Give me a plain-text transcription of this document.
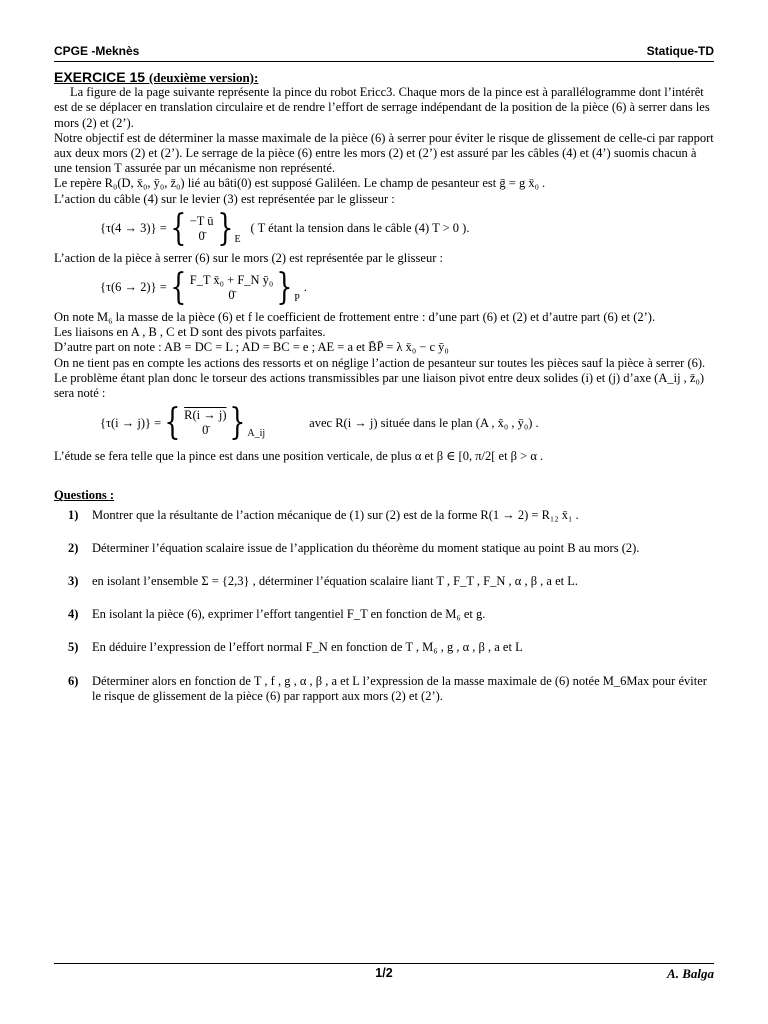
CPGE -Meknès	Statique-TD
EXERCICE 15 (deuxième version):

La figure de la page suivante représente la pince du robot Ericc3. Chaque mors de la pince est à parallélogramme dont l’intérêt est de se déplacer en translation circulaire et de rendre l’effort de serrage indépendant de la position de la pièce (6) à serrer dans les mors (2) et (2’).

Notre objectif est de déterminer la masse maximale de la pièce (6) à serrer pour éviter le risque de glissement de celle-ci par rapport aux deux mors (2) et (2’). Le serrage de la pièce (6) entre les mors (2) et (2’) est assuré par les câbles (4) et (4’) suomis chacun à une tension T assurée par un mécanisme non représenté.

Le repère R₀(D, x̄₀, ȳ₀, z̄₀) lié au bâti(0) est supposé Galiléen. Le champ de pesanteur est ḡ = g x̄₀ .

L’action du câble (4) sur le levier (3) est représentée par le glisseur :

{τ(4 → 3)} = { −T ū
0̄ } E
( T étant la tension dans le câble (4) T > 0 ).

L’action de la pièce à serrer (6) sur le mors (2) est représentée par le glisseur :

{τ(6 → 2)} = { F_T x̄₀ + F_N ȳ₀
0̄ } P
.

On note M₆ la masse de la pièce (6) et f le coefficient de frottement entre : d’une part (6) et (2) et d’autre part (6) et (2’).

Les liaisons en A , B , C et D sont des pivots parfaites.

D’autre part on note : AB = DC = L ; AD = BC = e ; AE = a et B̄P̄ = λ x̄₀ − c ȳ₀

On ne tient pas en compte les actions des ressorts et on néglige l’action de pesanteur sur toutes les pièces sauf la pièce à serrer (6).

Le problème étant plan donc le torseur des actions transmissibles par une liaison pivot entre deux solides (i) et (j) d’axe (A_ij , z̄₀) sera noté :

{τ(i → j)} = { R(i → j)
0̄ } A_ij
avec R(i → j) située dans le plan (A , x̄₀ , ȳ₀) .

L’étude se fera telle que la pince est dans une position verticale, de plus α et β ∈ [0, π/2[ et β > α .

Questions :
1)	Montrer que la résultante de l’action mécanique de (1) sur (2) est de la forme R(1 → 2) = R₁₂ x̄₁ .
2)	Déterminer l’équation scalaire issue de l’application du théorème du moment statique au point B au mors (2).
3)	en isolant l’ensemble Σ = {2,3} , déterminer l’équation scalaire liant T , F_T , F_N , α , β , a et L.
4)	En isolant la pièce (6), exprimer l’effort tangentiel F_T en fonction de M₆ et g.
5)	En déduire l’expression de l’effort normal F_N en fonction de T , M₆ , g , α , β , a et L
6)	Déterminer alors en fonction de T , f , g , α , β , a et L l’expression de la masse maximale de (6) notée M_6Max pour éviter le risque de glissement de la pièce (6) par rapport aux mors (2) et (2’).
1/2	A. Balga
